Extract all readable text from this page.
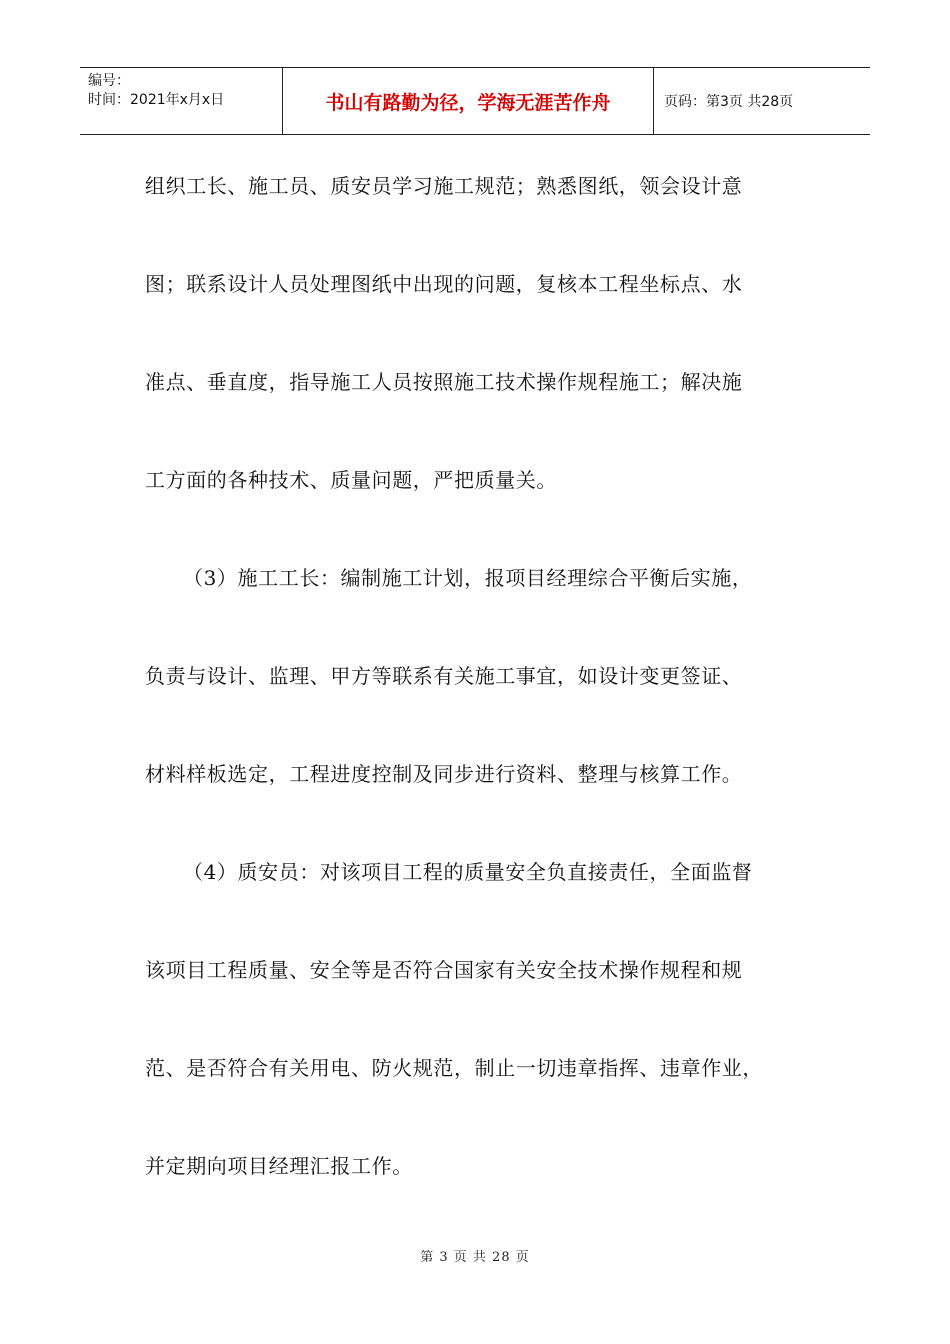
编号：
时间：2021年x月x日	书山有路勤为径，学海无涯苦作舟	页码：第3页 共28页
组织工长、施工员、质安员学习施工规范；熟悉图纸，领会设计意
图；联系设计人员处理图纸中出现的问题，复核本工程坐标点、水
准点、垂直度，指导施工人员按照施工技术操作规程施工；解决施
工方面的各种技术、质量问题，严把质量关。
（3）施工工长：编制施工计划，报项目经理综合平衡后实施，
负责与设计、监理、甲方等联系有关施工事宜，如设计变更签证、
材料样板选定，工程进度控制及同步进行资料、整理与核算工作。
（4）质安员：对该项目工程的质量安全负直接责任，全面监督
该项目工程质量、安全等是否符合国家有关安全技术操作规程和规
范、是否符合有关用电、防火规范，制止一切违章指挥、违章作业，
并定期向项目经理汇报工作。
第 3 页 共 28 页
